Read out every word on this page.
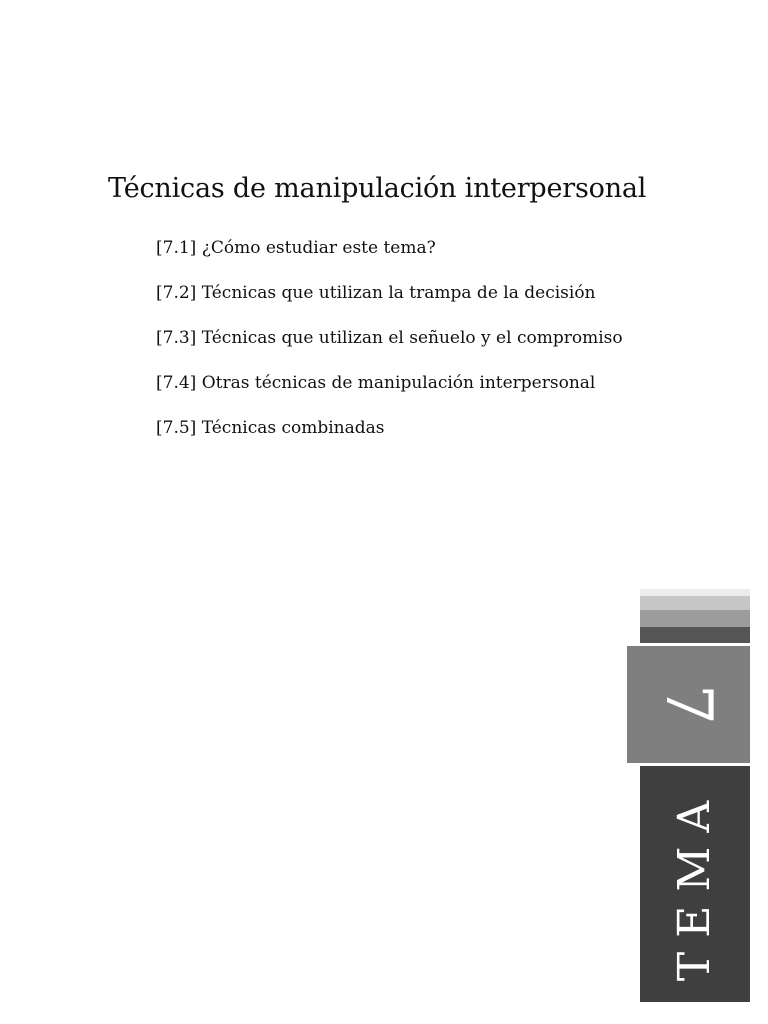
Técnicas de manipulación interpersonal
[7.1] ¿Cómo estudiar este tema?
[7.2] Técnicas que utilizan la trampa de la decisión
[7.3] Técnicas que utilizan el señuelo y el compromiso
[7.4] Otras técnicas de manipulación interpersonal
[7.5] Técnicas combinadas
7
TEMA
